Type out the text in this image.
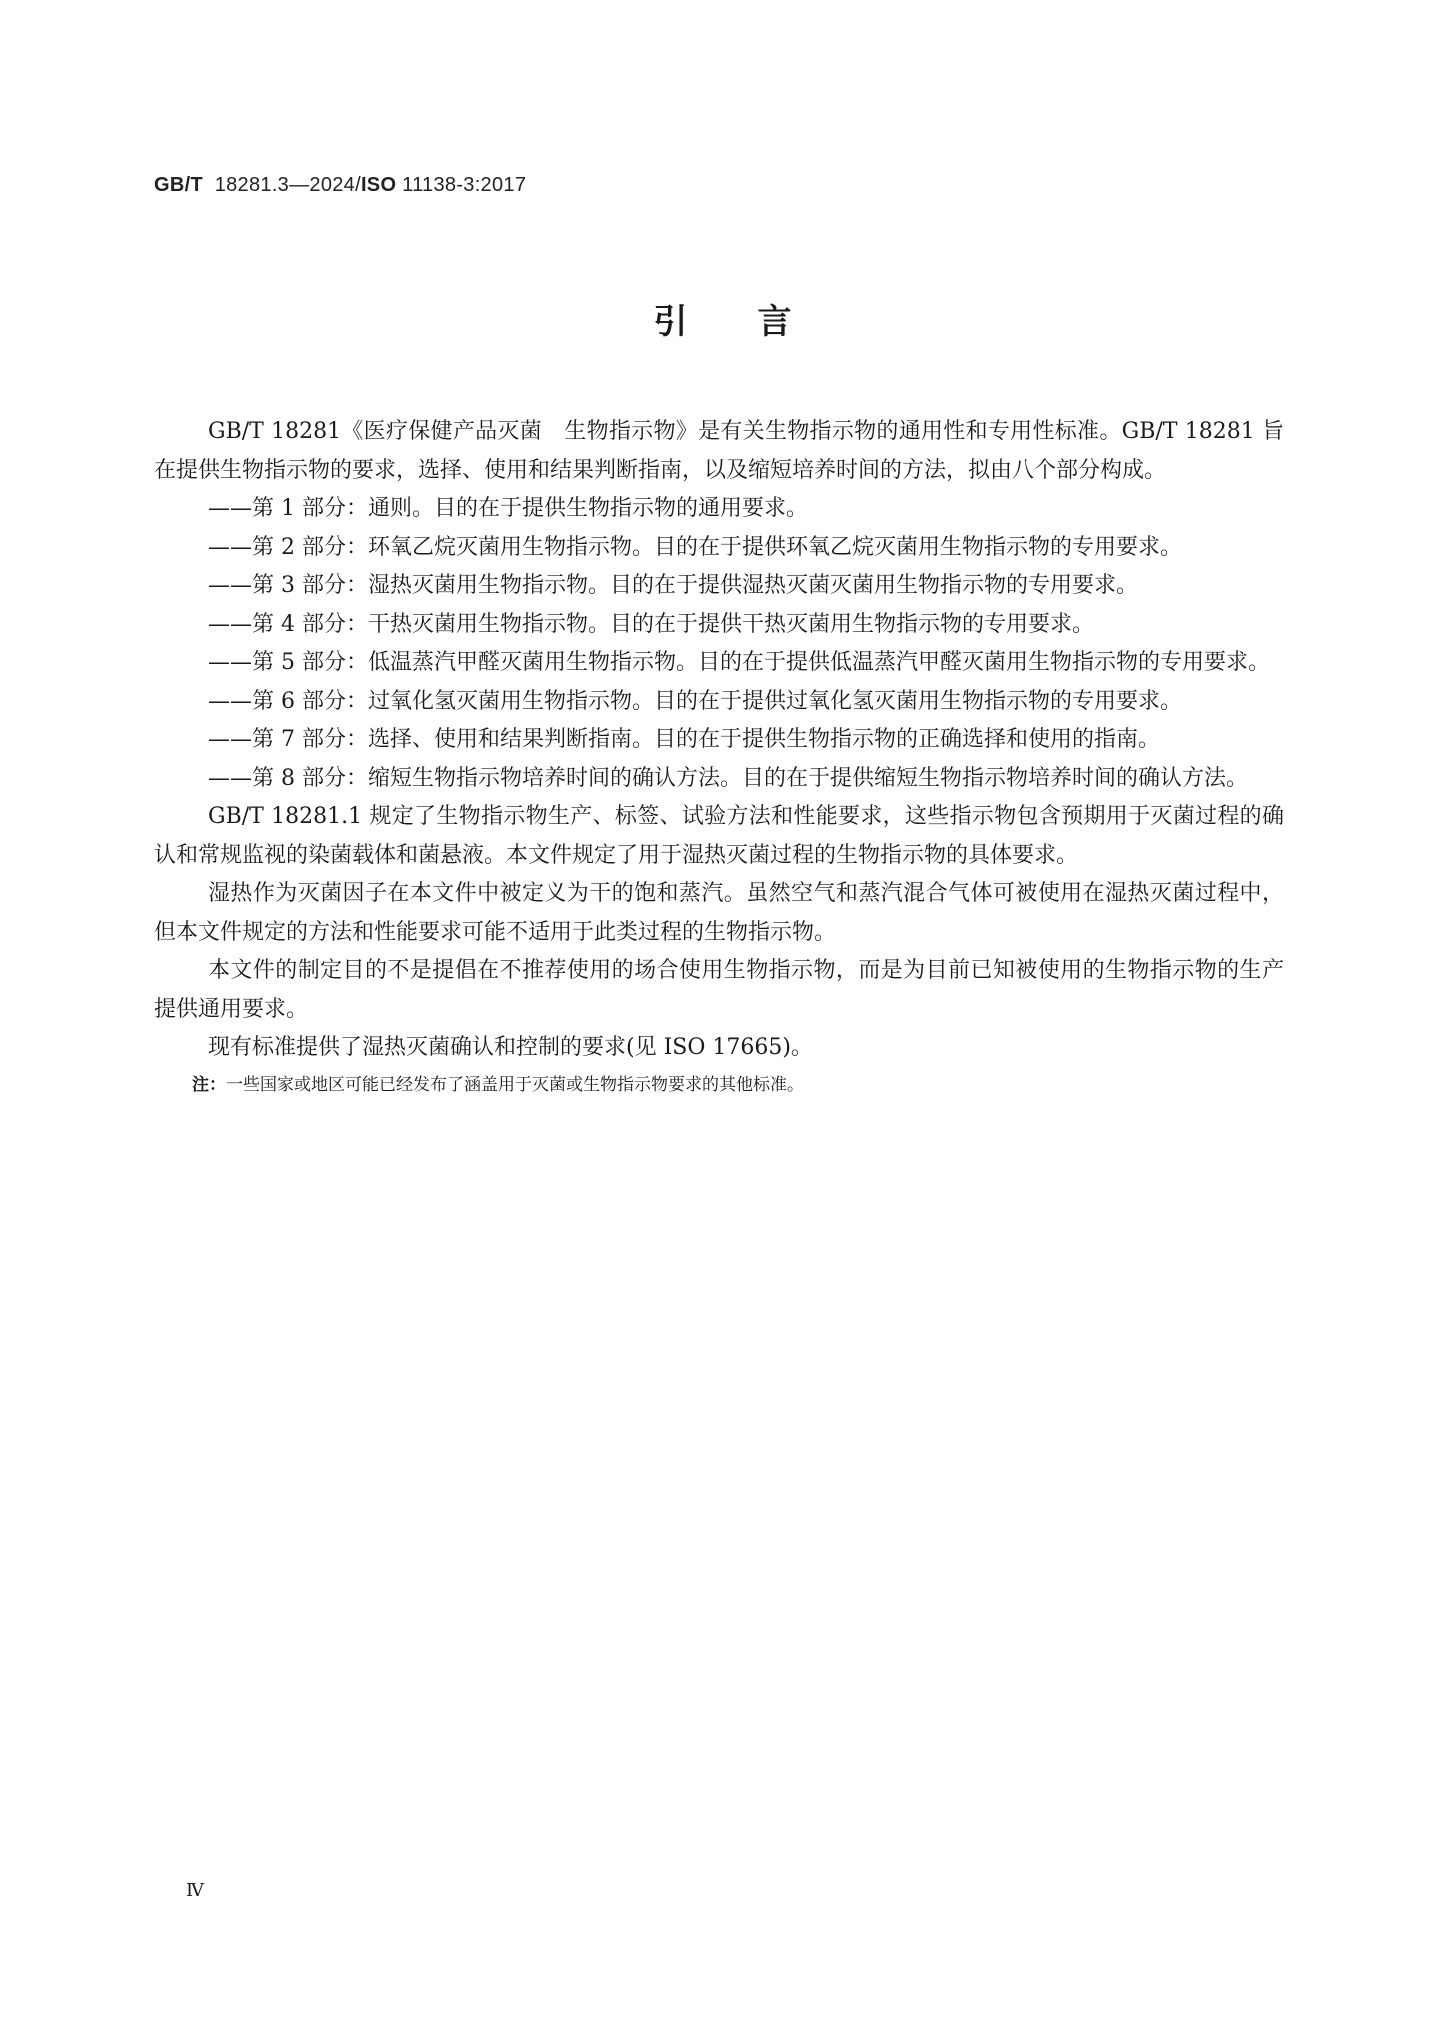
GB/T 18281.3—2024/ISO 11138-3:2017
引言

GB/T 18281《医疗保健产品灭菌　生物指示物》是有关生物指示物的通用性和专用性标准。GB/T 18281 旨在提供生物指示物的要求，选择、使用和结果判断指南，以及缩短培养时间的方法，拟由八个部分构成。

——第 1 部分：通则。目的在于提供生物指示物的通用要求。
——第 2 部分：环氧乙烷灭菌用生物指示物。目的在于提供环氧乙烷灭菌用生物指示物的专用要求。
——第 3 部分：湿热灭菌用生物指示物。目的在于提供湿热灭菌灭菌用生物指示物的专用要求。
——第 4 部分：干热灭菌用生物指示物。目的在于提供干热灭菌用生物指示物的专用要求。
——第 5 部分：低温蒸汽甲醛灭菌用生物指示物。目的在于提供低温蒸汽甲醛灭菌用生物指示物的专用要求。
——第 6 部分：过氧化氢灭菌用生物指示物。目的在于提供过氧化氢灭菌用生物指示物的专用要求。
——第 7 部分：选择、使用和结果判断指南。目的在于提供生物指示物的正确选择和使用的指南。
——第 8 部分：缩短生物指示物培养时间的确认方法。目的在于提供缩短生物指示物培养时间的确认方法。

GB/T 18281.1 规定了生物指示物生产、标签、试验方法和性能要求，这些指示物包含预期用于灭菌过程的确认和常规监视的染菌载体和菌悬液。本文件规定了用于湿热灭菌过程的生物指示物的具体要求。

湿热作为灭菌因子在本文件中被定义为干的饱和蒸汽。虽然空气和蒸汽混合气体可被使用在湿热灭菌过程中，但本文件规定的方法和性能要求可能不适用于此类过程的生物指示物。

本文件的制定目的不是提倡在不推荐使用的场合使用生物指示物，而是为目前已知被使用的生物指示物的生产提供通用要求。

现有标准提供了湿热灭菌确认和控制的要求(见 ISO 17665)。

注：一些国家或地区可能已经发布了涵盖用于灭菌或生物指示物要求的其他标准。

Ⅳ
